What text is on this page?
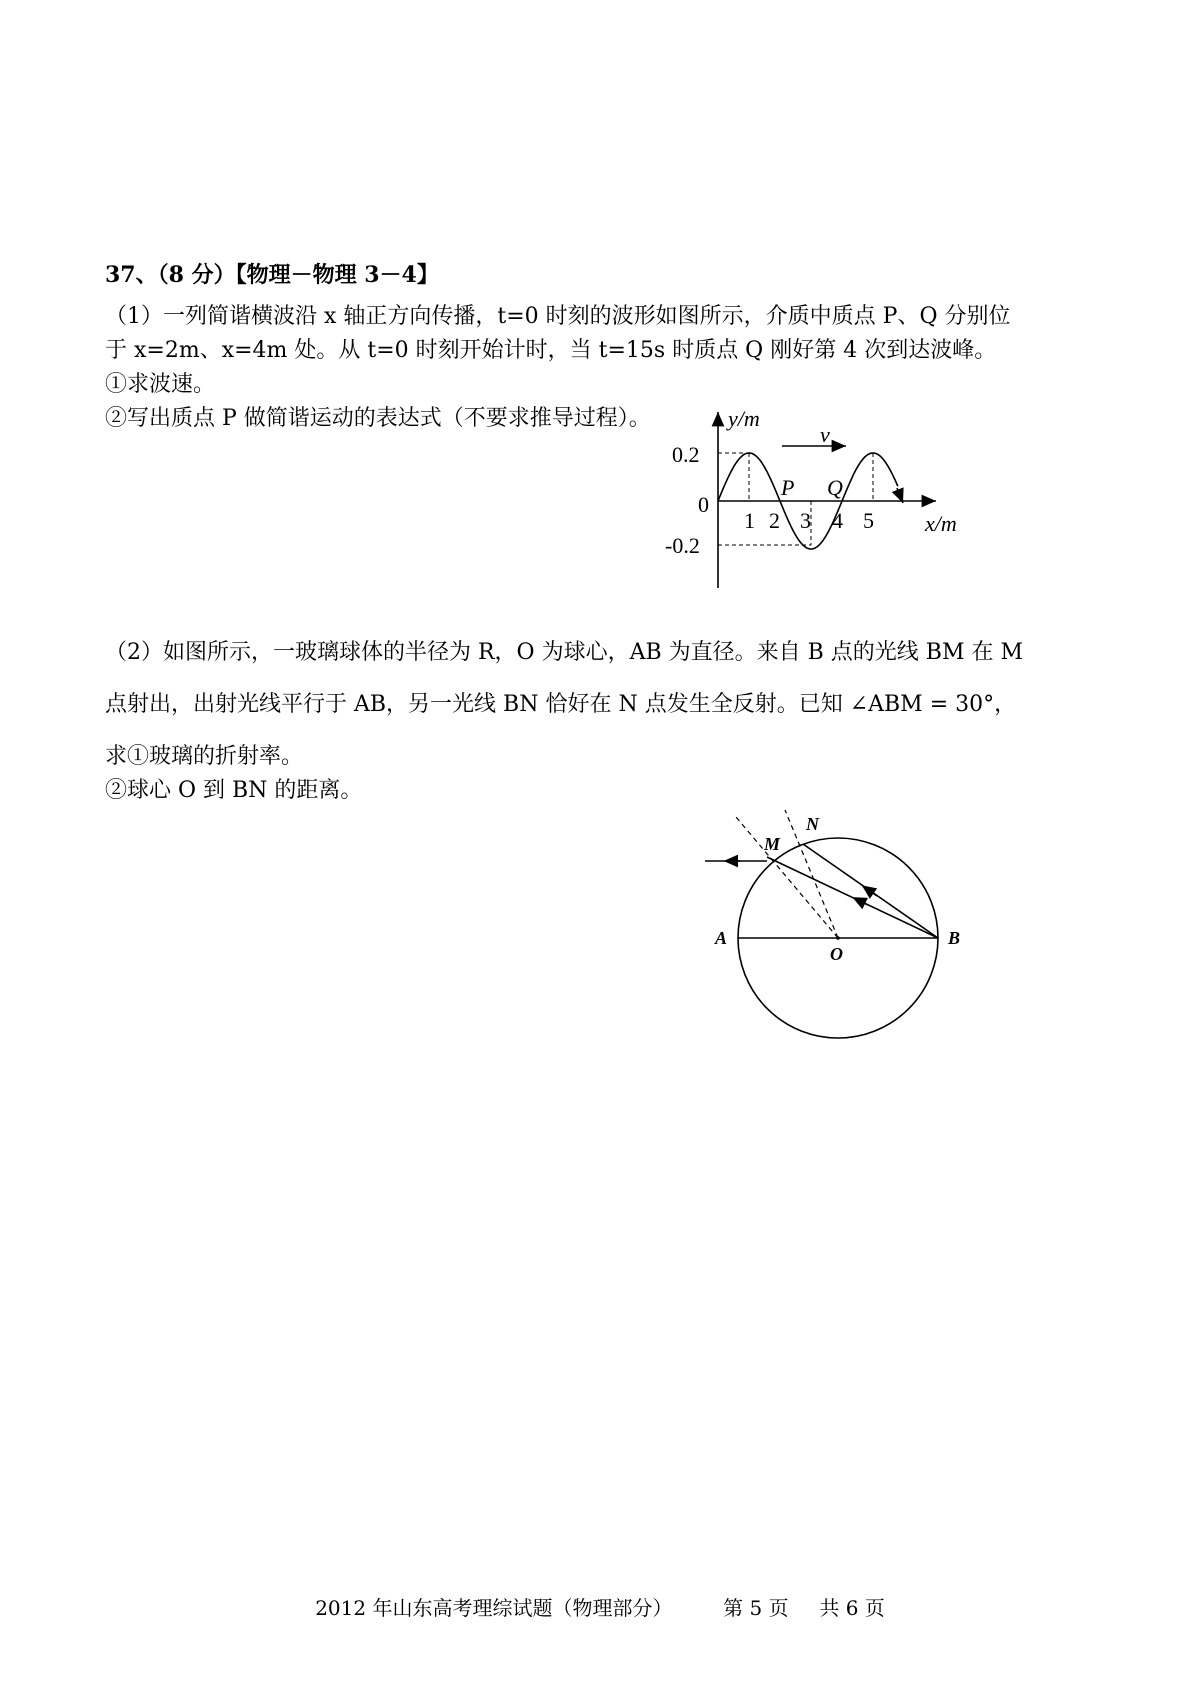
37、（8 分）【物理－物理 3－4】
（1）一列简谐横波沿 x 轴正方向传播，t=0 时刻的波形如图所示，介质中质点 P、Q 分别位
于 x=2m、x=4m 处。从 t=0 时刻开始计时，当 t=15s 时质点 Q 刚好第 4 次到达波峰。
①求波速。
②写出质点 P 做简谐运动的表达式（不要求推导过程）。
v
y/m
x/m
0
0.2
-0.2
1 2 3 4 5
P Q
（2）如图所示，一玻璃球体的半径为 R，O 为球心，AB 为直径。来自 B 点的光线 BM 在 M
点射出，出射光线平行于 AB，另一光线 BN 恰好在 N 点发生全反射。已知 ∠ABM = 30°，
求①玻璃的折射率。
②球心 O 到 BN 的距离。
A	B
O
M
N
2012 年山东高考理综试题（物理部分）	第 5 页 共 6 页
